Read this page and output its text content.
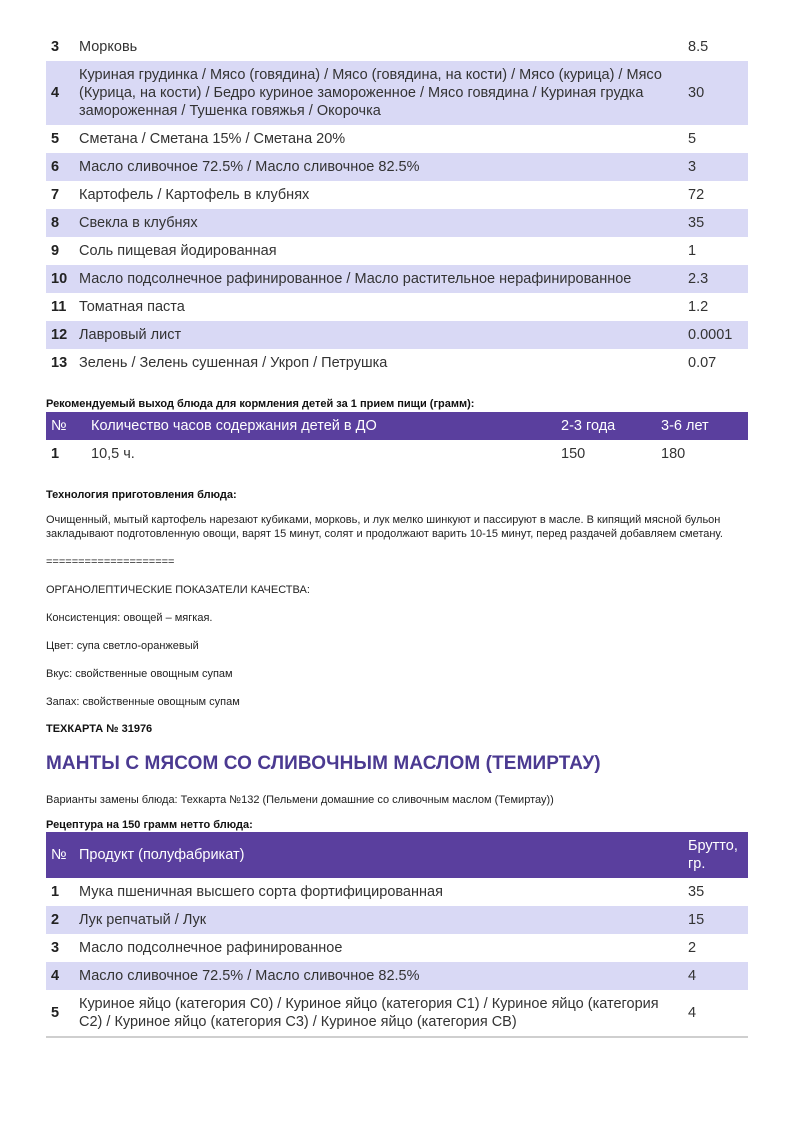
3	Морковь	8.5
4	Куриная грудинка / Мясо (говядина) / Мясо (говядина, на кости) / Мясо (курица) / Мясо (Курица, на кости) / Бедро куриное замороженное / Мясо говядина / Куриная грудка замороженная / Тушенка говяжья / Окорочка	30
5	Сметана / Сметана 15% / Сметана 20%	5
6	Масло сливочное 72.5% / Масло сливочное 82.5%	3
7	Картофель / Картофель в клубнях	72
8	Свекла в клубнях	35
9	Соль пищевая йодированная	1
10	Масло подсолнечное рафинированное / Масло растительное нерафинированное	2.3
11	Томатная паста	1.2
12	Лавровый лист	0.0001
13	Зелень / Зелень сушенная / Укроп / Петрушка	0.07
Рекомендуемый выход блюда для кормления детей за 1 прием пищи (грамм):
№	Количество часов содержания детей в ДО	2-3 года	3-6 лет
1	10,5 ч.	150	180
Технология приготовления блюда:
Очищенный, мытый картофель нарезают кубиками, морковь, и лук мелко шинкуют и пассируют в масле. В кипящий мясной бульон закладывают подготовленную овощи, варят 15 минут, солят и продолжают варить 10-15 минут, перед раздачей добавляем сметану.
====================
ОРГАНОЛЕПТИЧЕСКИЕ ПОКАЗАТЕЛИ КАЧЕСТВА:
Консистенция: овощей – мягкая.
Цвет: супа светло-оранжевый
Вкус: свойственные овощным супам
Запах: свойственные овощным супам
ТЕХКАРТА № 31976
МАНТЫ С МЯСОМ СО СЛИВОЧНЫМ МАСЛОМ (ТЕМИРТАУ)
Варианты замены блюда: Техкарта №132 (Пельмени домашние со сливочным маслом (Темиртау))
Рецептура на 150 грамм нетто блюда:
№	Продукт (полуфабрикат)	Брутто, гр.
1	Мука пшеничная высшего сорта фортифицированная	35
2	Лук репчатый / Лук	15
3	Масло подсолнечное рафинированное	2
4	Масло сливочное 72.5% / Масло сливочное 82.5%	4
5	Куриное яйцо (категория С0) / Куриное яйцо (категория С1) / Куриное яйцо (категория С2) / Куриное яйцо (категория С3) / Куриное яйцо (категория СВ)	4
